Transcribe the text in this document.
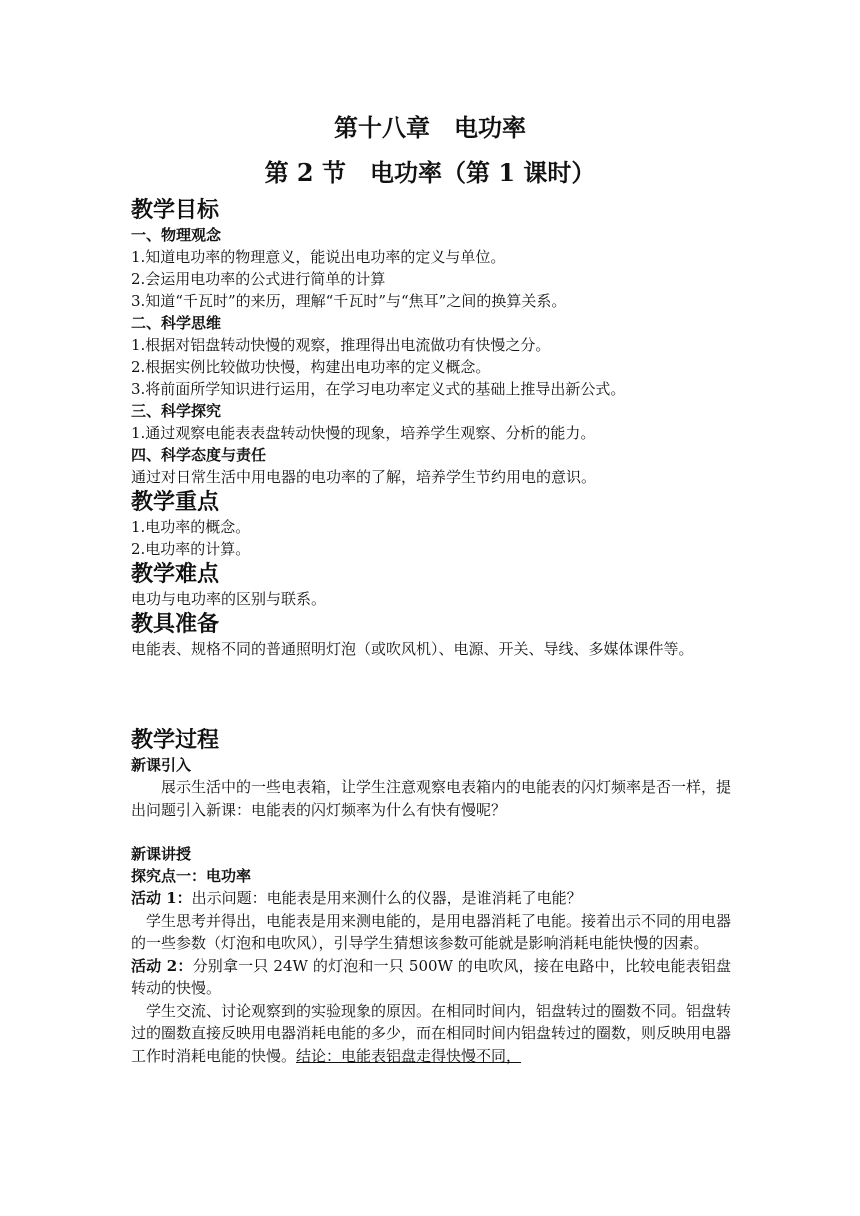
第十八章　电功率
第 2 节　电功率（第 1 课时）
教学目标
一、物理观念
1.知道电功率的物理意义，能说出电功率的定义与单位。
2.会运用电功率的公式进行简单的计算
3.知道“千瓦时”的来历，理解“千瓦时”与“焦耳”之间的换算关系。
二、科学思维
1.根据对铝盘转动快慢的观察，推理得出电流做功有快慢之分。
2.根据实例比较做功快慢，构建出电功率的定义概念。
3.将前面所学知识进行运用，在学习电功率定义式的基础上推导出新公式。
三、科学探究
1.通过观察电能表表盘转动快慢的现象，培养学生观察、分析的能力。
四、科学态度与责任
通过对日常生活中用电器的电功率的了解，培养学生节约用电的意识。
教学重点
1.电功率的概念。
2.电功率的计算。
教学难点
电功与电功率的区别与联系。
教具准备
电能表、规格不同的普通照明灯泡（或吹风机）、电源、开关、导线、多媒体课件等。
教学过程
新课引入
展示生活中的一些电表箱，让学生注意观察电表箱内的电能表的闪灯频率是否一样，提出问题引入新课：电能表的闪灯频率为什么有快有慢呢？
新课讲授
探究点一：电功率
活动 1：出示问题：电能表是用来测什么的仪器，是谁消耗了电能？
学生思考并得出，电能表是用来测电能的，是用电器消耗了电能。接着出示不同的用电器的一些参数（灯泡和电吹风），引导学生猜想该参数可能就是影响消耗电能快慢的因素。
活动 2：分别拿一只 24W 的灯泡和一只 500W 的电吹风，接在电路中，比较电能表铝盘转动的快慢。
学生交流、讨论观察到的实验现象的原因。在相同时间内，铝盘转过的圈数不同。铝盘转过的圈数直接反映用电器消耗电能的多少，而在相同时间内铝盘转过的圈数，则反映用电器工作时消耗电能的快慢。结论：电能表铝盘走得快慢不同，
